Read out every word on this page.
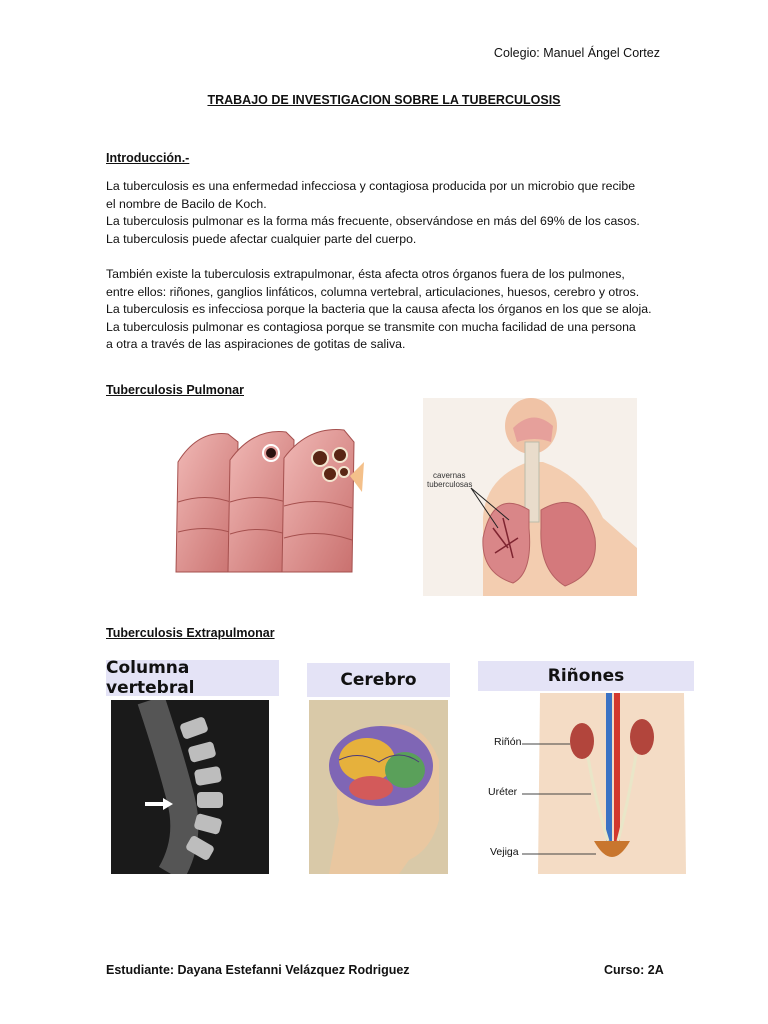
Colegio: Manuel Ángel Cortez
TRABAJO DE INVESTIGACION SOBRE LA TUBERCULOSIS
Introducción.-
La tuberculosis es una enfermedad infecciosa y contagiosa producida por un microbio que recibe
el nombre de Bacilo de Koch.
La tuberculosis pulmonar es la forma más frecuente, observándose en más del 69% de los casos.
La tuberculosis puede afectar cualquier parte del cuerpo.
También existe la tuberculosis extrapulmonar, ésta afecta otros órganos fuera de los pulmones,
entre ellos: riñones, ganglios linfáticos, columna vertebral, articulaciones, huesos, cerebro y otros.
La tuberculosis es infecciosa porque la bacteria que la causa afecta los órganos en los que se aloja.
La tuberculosis pulmonar es contagiosa porque se transmite con mucha facilidad de una persona
a otra a través de las aspiraciones de gotitas de saliva.
Tuberculosis Pulmonar
cavernas tuberculosas
Tuberculosis Extrapulmonar
Columna vertebral	Cerebro	Riñones
Riñón
Uréter
Vejiga
Estudiante: Dayana Estefanni Velázquez Rodriguez	Curso: 2A
